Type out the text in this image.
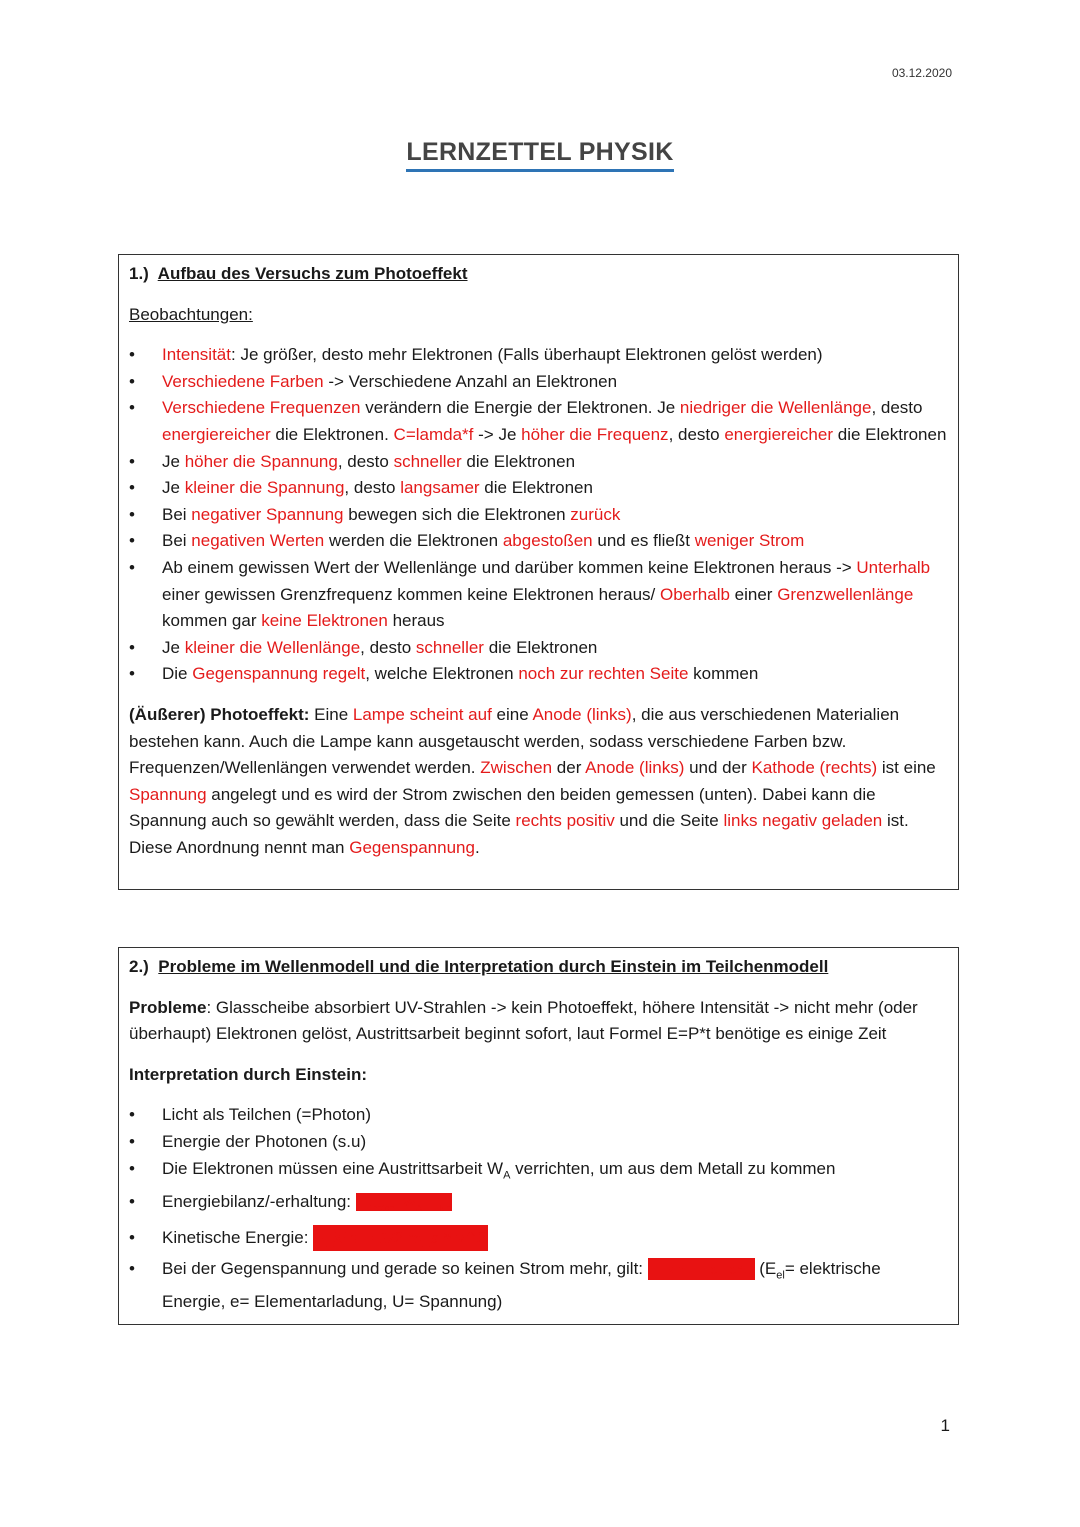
03.12.2020
LERNZETTEL PHYSIK
1.) Aufbau des Versuchs zum Photoeffekt
Beobachtungen:
• Intensität: Je größer, desto mehr Elektronen (Falls überhaupt Elektronen gelöst werden)
• Verschiedene Farben -> Verschiedene Anzahl an Elektronen
• Verschiedene Frequenzen verändern die Energie der Elektronen. Je niedriger die Wellenlänge, desto energiereicher die Elektronen. C=lamda*f -> Je höher die Frequenz, desto energiereicher die Elektronen
• Je höher die Spannung, desto schneller die Elektronen
• Je kleiner die Spannung, desto langsamer die Elektronen
• Bei negativer Spannung bewegen sich die Elektronen zurück
• Bei negativen Werten werden die Elektronen abgestoßen und es fließt weniger Strom
• Ab einem gewissen Wert der Wellenlänge und darüber kommen keine Elektronen heraus -> Unterhalb einer gewissen Grenzfrequenz kommen keine Elektronen heraus/ Oberhalb einer Grenzwellenlänge kommen gar keine Elektronen heraus
• Je kleiner die Wellenlänge, desto schneller die Elektronen
• Die Gegenspannung regelt, welche Elektronen noch zur rechten Seite kommen

(Äußerer) Photoeffekt: Eine Lampe scheint auf eine Anode (links), die aus verschiedenen Materialien bestehen kann. Auch die Lampe kann ausgetauscht werden, sodass verschiedene Farben bzw. Frequenzen/Wellenlängen verwendet werden. Zwischen der Anode (links) und der Kathode (rechts) ist eine Spannung angelegt und es wird der Strom zwischen den beiden gemessen (unten). Dabei kann die Spannung auch so gewählt werden, dass die Seite rechts positiv und die Seite links negativ geladen ist. Diese Anordnung nennt man Gegenspannung.

2.) Probleme im Wellenmodell und die Interpretation durch Einstein im Teilchenmodell

Probleme: Glasscheibe absorbiert UV-Strahlen -> kein Photoeffekt, höhere Intensität -> nicht mehr (oder überhaupt) Elektronen gelöst, Austrittsarbeit beginnt sofort, laut Formel E=P*t benötige es einige Zeit

Interpretation durch Einstein:

• Licht als Teilchen (=Photon)
• Energie der Photonen (s.u)
• Die Elektronen müssen eine Austrittsarbeit $W_A$ verrichten, um aus dem Metall zu kommen
• Energiebilanz/-erhaltung: $E_{Photon}=W_A+E_{kin}$
• Kinetische Energie: E_kin = 1/2 m_e * v^2
• Bei der Gegenspannung und gerade so keinen Strom mehr, gilt: E_kin=E_el=e*U ($E_{el}=$ elektrische Energie, e= Elementarladung, U= Spannung)
1
